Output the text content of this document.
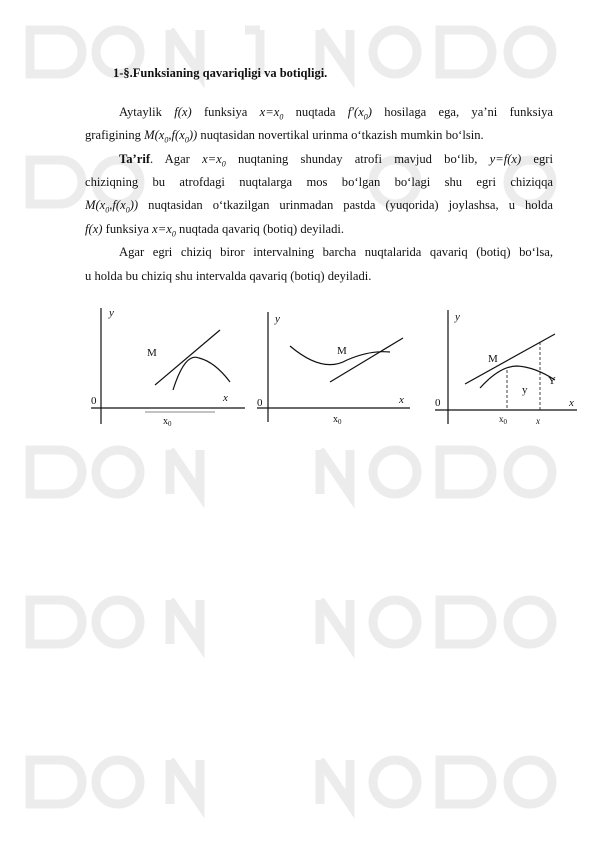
1-§.Funksianing qavariqligi va botiqligi.
Aytaylik f(x) funksiya $x=x_0$ nuqtada $f'(x_0)$ hosilaga ega, ya’ni funksiya
grafigining $M(x_0,f(x_0))$ nuqtasidan novertikal urinma o‘tkazish mumkin bo‘lsin.
Ta’rif. Agar $x=x_0$ nuqtaning shunday atrofi mavjud bo‘lib, y=f(x) egri
chiziqning bu atrofdagi nuqtalarga mos bo‘lgan bo‘lagi shu egri chiziqqa
$M(x_0,f(x_0))$ nuqtasidan o‘tkazilgan urinmadan pastda (yuqorida) joylashsa, u holda
f(x) funksiya $x=x_0$ nuqtada qavariq (botiq) deyiladi.
Agar egri chiziq biror intervalning barcha nuqtalarida qavariq (botiq) bo‘lsa,
u holda bu chiziq shu intervalda qavariq (botiq) deyiladi.
y
x
0
M
$x_0$
y
x
0
M
$x_0$
y
x
0
M
$x_0$	x
Y
y
